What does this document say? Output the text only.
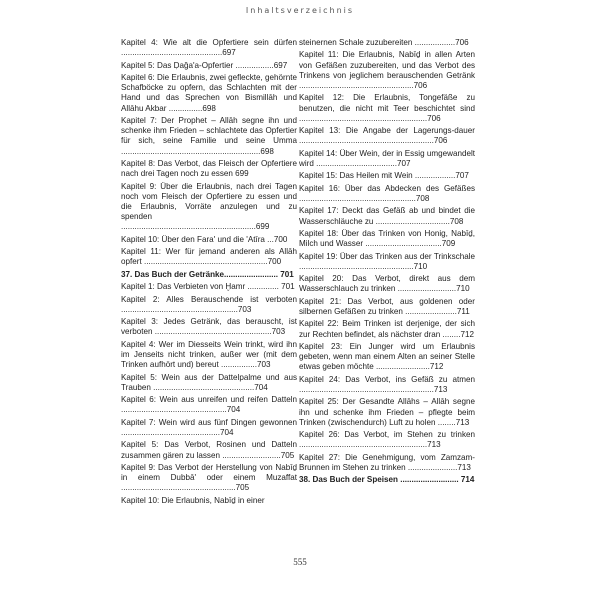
Inhaltsverzeichnis
Kapitel 4: Wie alt die Opfertiere sein dürfen .............................................697
Kapitel 5: Das Ḍaǧa'a-Opfertier .................697
Kapitel 6: Die Erlaubnis, zwei gefleckte, gehörnte Schafböcke zu opfern, das Schlachten mit der Hand und das Sprechen von Bismillāh und Allāhu Akbar ...............698
Kapitel 7: Der Prophet – Allāh segne ihn und schenke ihm Frieden – schlachtete das Opfertier für sich, seine Familie und seine Umma ..............................................................698
Kapitel 8: Das Verbot, das Fleisch der Opfertiere nach drei Tagen noch zu essen 699
Kapitel 9: Über die Erlaubnis, nach drei Tagen noch vom Fleisch der Opfertiere zu essen und die Erlaubnis, Vorräte anzulegen und zu spenden ............................................................699
Kapitel 10: Über den Fara' und die 'Atīra ...700
Kapitel 11: Wer für jemand anderen als Allāh opfert .......................................................700
37. Das Buch der Getränke........................ 701
Kapitel 1: Das Verbieten von Ḫamr .............. 701
Kapitel 2: Alles Berauschende ist verboten ....................................................703
Kapitel 3: Jedes Getränk, das berauscht, ist verboten ....................................................703
Kapitel 4: Wer im Diesseits Wein trinkt, wird ihn im Jenseits nicht trinken, außer wer (mit dem Trinken aufhört und) bereut ................703
Kapitel 5: Wein aus der Dattelpalme und aus Trauben .............................................704
Kapitel 6: Wein aus unreifen und reifen Datteln ...............................................704
Kapitel 7: Wein wird aus fünf Dingen gewonnen ............................................704
Kapitel 5: Das Verbot, Rosinen und Datteln zusammen gären zu lassen ..........................705
Kapitel 9: Das Verbot der Herstellung von Nabīḏ in einem Dubbā' oder einem Muzaffat ...................................................705
Kapitel 10: Die Erlaubnis, Nabīḏ in einer
steinernen Schale zuzubereiten ..................706
Kapitel 11: Die Erlaubnis, Nabīḏ in allen Arten von Gefäßen zuzubereiten, und das Verbot des Trinkens von jeglichem berauschenden Getränk ...................................................706
Kapitel 12: Die Erlaubnis, Tongefäße zu benutzen, die nicht mit Teer beschichtet sind .........................................................706
Kapitel 13: Die Angabe der Lagerungs-dauer ............................................................706
Kapitel 14: Über Wein, der in Essig umgewandelt wird ....................................707
Kapitel 15: Das Heilen mit Wein ..................707
Kapitel 16: Über das Abdecken des Gefäßes ....................................................708
Kapitel 17: Deckt das Gefäß ab und bindet die Wasserschläuche zu .................................708
Kapitel 18: Über das Trinken von Honig, Nabīḏ, Milch und Wasser ..................................709
Kapitel 19: Über das Trinken aus der Trinkschale ...................................................710
Kapitel 20: Das Verbot, direkt aus dem Wasserschlauch zu trinken ..........................710
Kapitel 21: Das Verbot, aus goldenen oder silbernen Gefäßen zu trinken .......................711
Kapitel 22: Beim Trinken ist derjenige, der sich zur Rechten befindet, als nächster dran ........712
Kapitel 23: Ein Junger wird um Erlaubnis gebeten, wenn man einem Alten an seiner Stelle etwas geben möchte ........................712
Kapitel 24: Das Verbot, ins Gefäß zu atmen ............................................................713
Kapitel 25: Der Gesandte Allāhs – Allāh segne ihn und schenke ihm Frieden – pflegte beim Trinken (zwischendurch) Luft zu holen ........713
Kapitel 26: Das Verbot, im Stehen zu trinken .........................................................713
Kapitel 27: Die Genehmigung, vom Zamzam-Brunnen im Stehen zu trinken ......................713
38. Das Buch der Speisen .......................... 714
555
